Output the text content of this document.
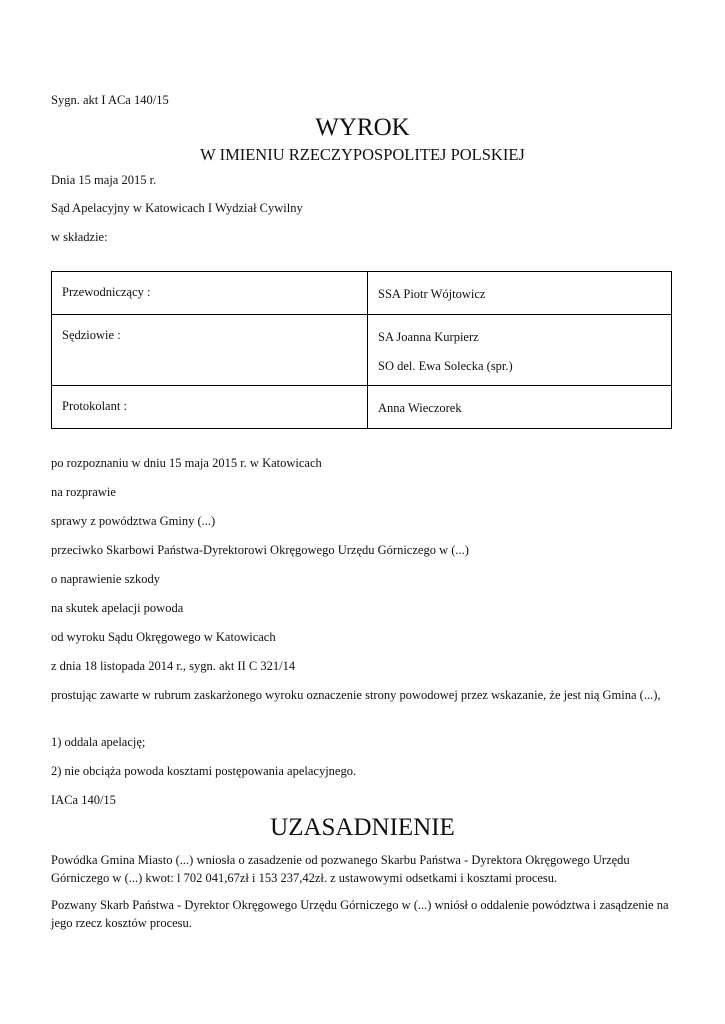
Sygn. akt I ACa 140/15

WYROK
W IMIENIU RZECZYPOSPOLITEJ POLSKIEJ

Dnia 15 maja 2015 r.

Sąd Apelacyjny w Katowicach I Wydział Cywilny

w składzie:

Przewodniczący :	SSA Piotr Wójtowicz

Sędziowie :	SA Joanna Kurpierz
SO del. Ewa Solecka (spr.)

Protokolant :	Anna Wieczorek

po rozpoznaniu w dniu 15 maja 2015 r. w Katowicach

na rozprawie

sprawy z powództwa Gminy (...)

przeciwko Skarbowi Państwa-Dyrektorowi Okręgowego Urzędu Górniczego w (...)

o naprawienie szkody

na skutek apelacji powoda

od wyroku Sądu Okręgowego w Katowicach

z dnia 18 listopada 2014 r., sygn. akt II C 321/14

prostując zawarte w rubrum zaskarżonego wyroku oznaczenie strony powodowej przez wskazanie, że jest nią Gmina (...),

1) oddala apelację;

2) nie obciąża powoda kosztami postępowania apelacyjnego.

IACa 140/15

UZASADNIENIE

Powódka Gmina Miasto (...) wniosła o zasadzenie od pozwanego Skarbu Państwa - Dyrektora Okręgowego Urzędu Górniczego w (...) kwot: l 702 041,67zł i 153 237,42zł. z ustawowymi odsetkami i kosztami procesu.

Pozwany Skarb Państwa - Dyrektor Okręgowego Urzędu Górniczego w (...) wniósł o oddalenie powództwa i zasądzenie na jego rzecz kosztów procesu.
